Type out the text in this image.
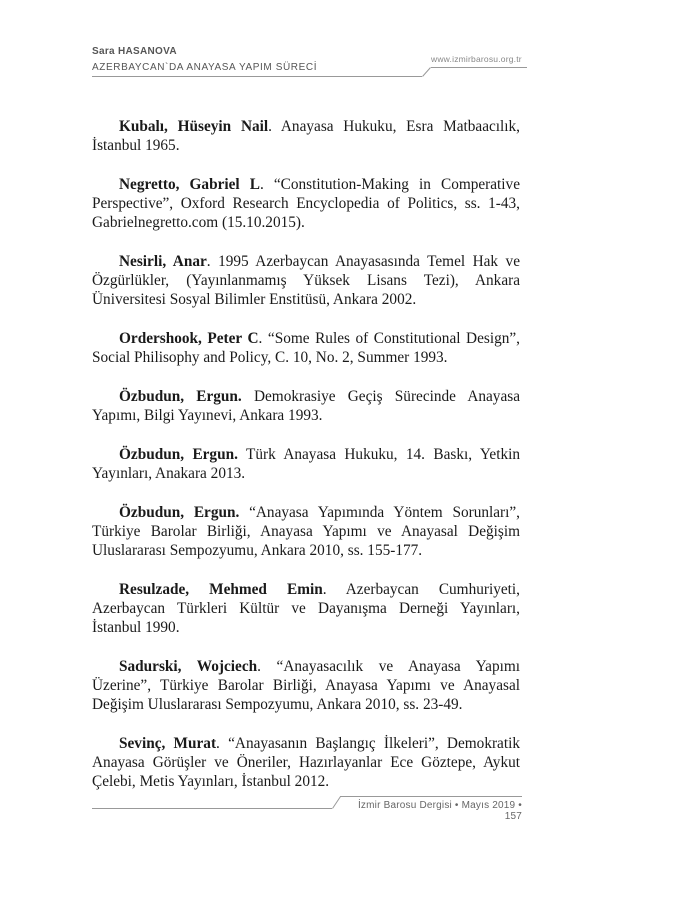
Sara HASANOVA
AZERBAYCAN`DA ANAYASA YAPIM SÜRECİ
www.izmirbarosu.org.tr

Kubalı, Hüseyin Nail. Anayasa Hukuku, Esra Matbaacılık, İstanbul 1965.

Negretto, Gabriel L. “Constitution-Making in Comperative Perspective”, Oxford Research Encyclopedia of Politics, ss. 1-43, Gabrielnegretto.com (15.10.2015).

Nesirli, Anar. 1995 Azerbaycan Anayasasında Temel Hak ve Özgürlükler, (Yayınlanmamış Yüksek Lisans Tezi), Ankara Üniversitesi Sosyal Bilimler Enstitüsü, Ankara 2002.

Ordershook, Peter C. “Some Rules of Constitutional Design”, Social Philisophy and Policy, C. 10, No. 2, Summer 1993.

Özbudun, Ergun. Demokrasiye Geçiş Sürecinde Anayasa Yapımı, Bilgi Yayınevi, Ankara 1993.

Özbudun, Ergun. Türk Anayasa Hukuku, 14. Baskı, Yetkin Yayınları, Anakara 2013.

Özbudun, Ergun. “Anayasa Yapımında Yöntem Sorunları”, Türkiye Barolar Birliği, Anayasa Yapımı ve Anayasal Değişim Uluslararası Sempozyumu, Ankara 2010, ss. 155-177.

Resulzade, Mehmed Emin. Azerbaycan Cumhuriyeti, Azerbaycan Türkleri Kültür ve Dayanışma Derneği Yayınları, İstanbul 1990.

Sadurski, Wojciech. “Anayasacılık ve Anayasa Yapımı Üzerine”, Türkiye Barolar Birliği, Anayasa Yapımı ve Anayasal Değişim Uluslararası Sempozyumu, Ankara 2010, ss. 23-49.

Sevinç, Murat. “Anayasanın Başlangıç İlkeleri”, Demokratik Anayasa Görüşler ve Öneriler, Hazırlayanlar Ece Göztepe, Aykut Çelebi, Metis Yayınları, İstanbul 2012.

İzmir Barosu Dergisi • Mayıs 2019 • 157
